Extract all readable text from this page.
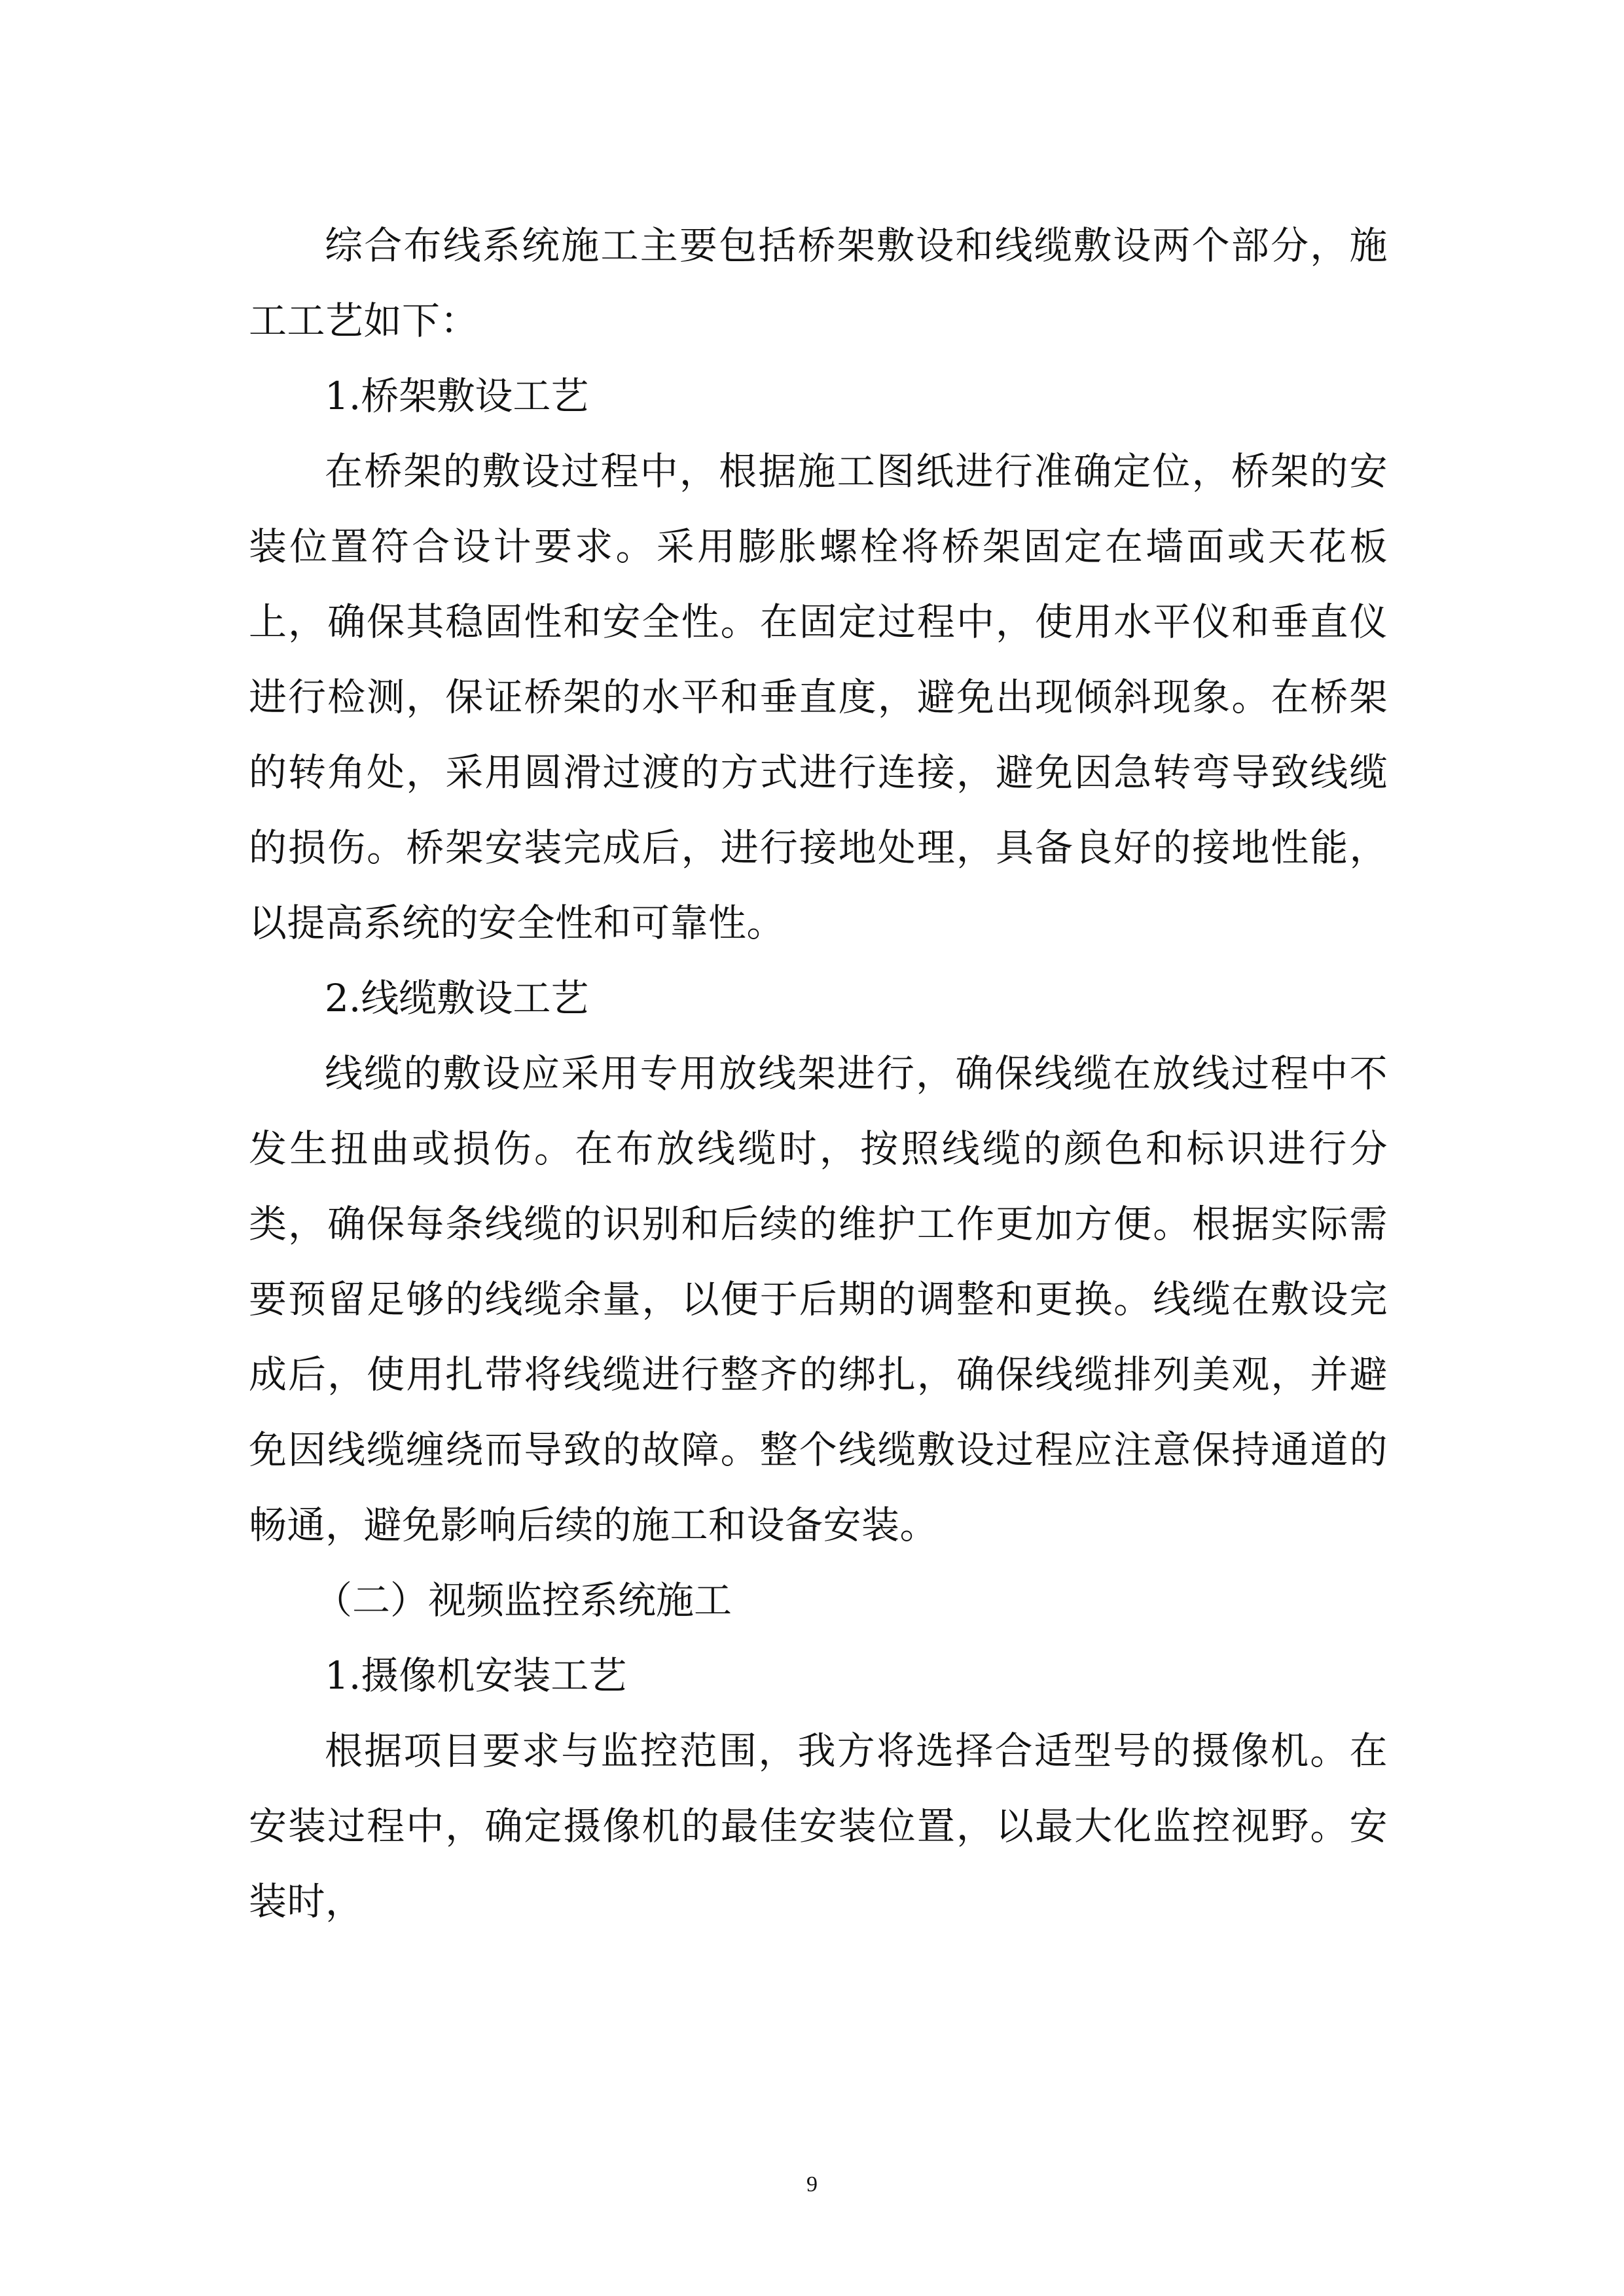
综合布线系统施工主要包括桥架敷设和线缆敷设两个部分，施工工艺如下：

1.桥架敷设工艺

在桥架的敷设过程中，根据施工图纸进行准确定位，桥架的安装位置符合设计要求。采用膨胀螺栓将桥架固定在墙面或天花板上，确保其稳固性和安全性。在固定过程中，使用水平仪和垂直仪进行检测，保证桥架的水平和垂直度，避免出现倾斜现象。在桥架的转角处，采用圆滑过渡的方式进行连接，避免因急转弯导致线缆的损伤。桥架安装完成后，进行接地处理，具备良好的接地性能，以提高系统的安全性和可靠性。

2.线缆敷设工艺

线缆的敷设应采用专用放线架进行，确保线缆在放线过程中不发生扭曲或损伤。在布放线缆时，按照线缆的颜色和标识进行分类，确保每条线缆的识别和后续的维护工作更加方便。根据实际需要预留足够的线缆余量，以便于后期的调整和更换。线缆在敷设完成后，使用扎带将线缆进行整齐的绑扎，确保线缆排列美观，并避免因线缆缠绕而导致的故障。整个线缆敷设过程应注意保持通道的畅通，避免影响后续的施工和设备安装。

（二）视频监控系统施工

1.摄像机安装工艺

根据项目要求与监控范围，我方将选择合适型号的摄像机。在安装过程中，确定摄像机的最佳安装位置，以最大化监控视野。安装时，

9
